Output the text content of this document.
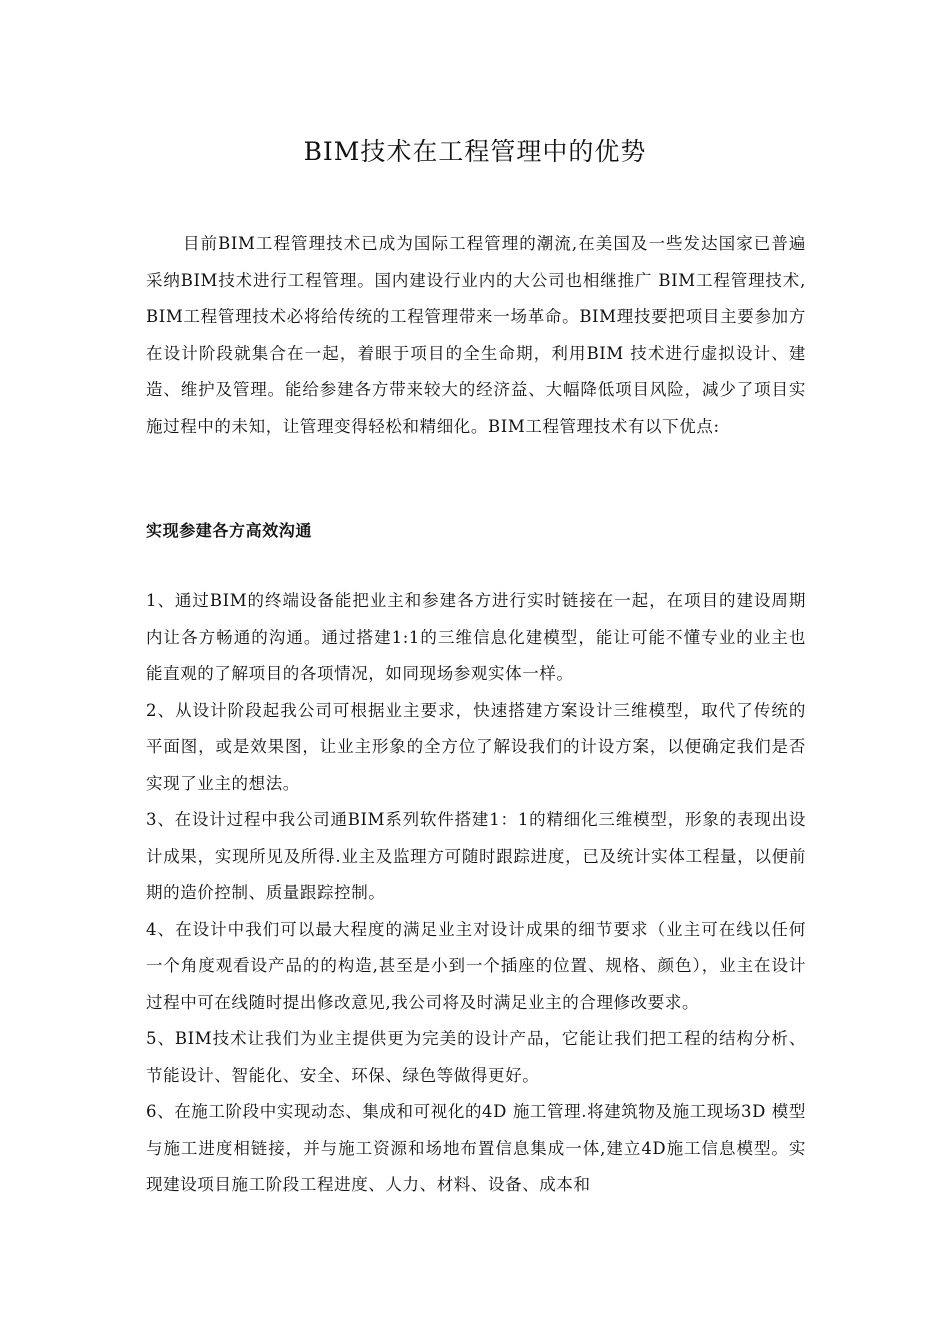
BIM技术在工程管理中的优势
目前BIM工程管理技术已成为国际工程管理的潮流,在美国及一些发达国家已普遍采纳BIM技术进行工程管理。国内建设行业内的大公司也相继推广 BIM工程管理技术,BIM工程管理技术必将给传统的工程管理带来一场革命。BIM理技要把项目主要参加方在设计阶段就集合在一起，着眼于项目的全生命期，利用BIM 技术进行虚拟设计、建造、维护及管理。能给参建各方带来较大的经济益、大幅降低项目风险，减少了项目实施过程中的未知，让管理变得轻松和精细化。BIM工程管理技术有以下优点:
实现参建各方高效沟通

1、通过BIM的终端设备能把业主和参建各方进行实时链接在一起，在项目的建设周期内让各方畅通的沟通。通过搭建1:1的三维信息化建模型，能让可能不懂专业的业主也能直观的了解项目的各项情况，如同现场参观实体一样。

2、从设计阶段起我公司可根据业主要求，快速搭建方案设计三维模型，取代了传统的平面图，或是效果图，让业主形象的全方位了解设我们的计设方案，以便确定我们是否实现了业主的想法。

3、在设计过程中我公司通BIM系列软件搭建1：1的精细化三维模型，形象的表现出设计成果，实现所见及所得.业主及监理方可随时跟踪进度，已及统计实体工程量，以便前期的造价控制、质量跟踪控制。

4、在设计中我们可以最大程度的满足业主对设计成果的细节要求（业主可在线以任何一个角度观看设产品的的构造,甚至是小到一个插座的位置、规格、颜色），业主在设计过程中可在线随时提出修改意见,我公司将及时满足业主的合理修改要求。

5、BIM技术让我们为业主提供更为完美的设计产品，它能让我们把工程的结构分析、节能设计、智能化、安全、环保、绿色等做得更好。

6、在施工阶段中实现动态、集成和可视化的4D 施工管理.将建筑物及施工现场3D 模型与施工进度相链接，并与施工资源和场地布置信息集成一体,建立4D施工信息模型。实现建设项目施工阶段工程进度、人力、材料、设备、成本和
